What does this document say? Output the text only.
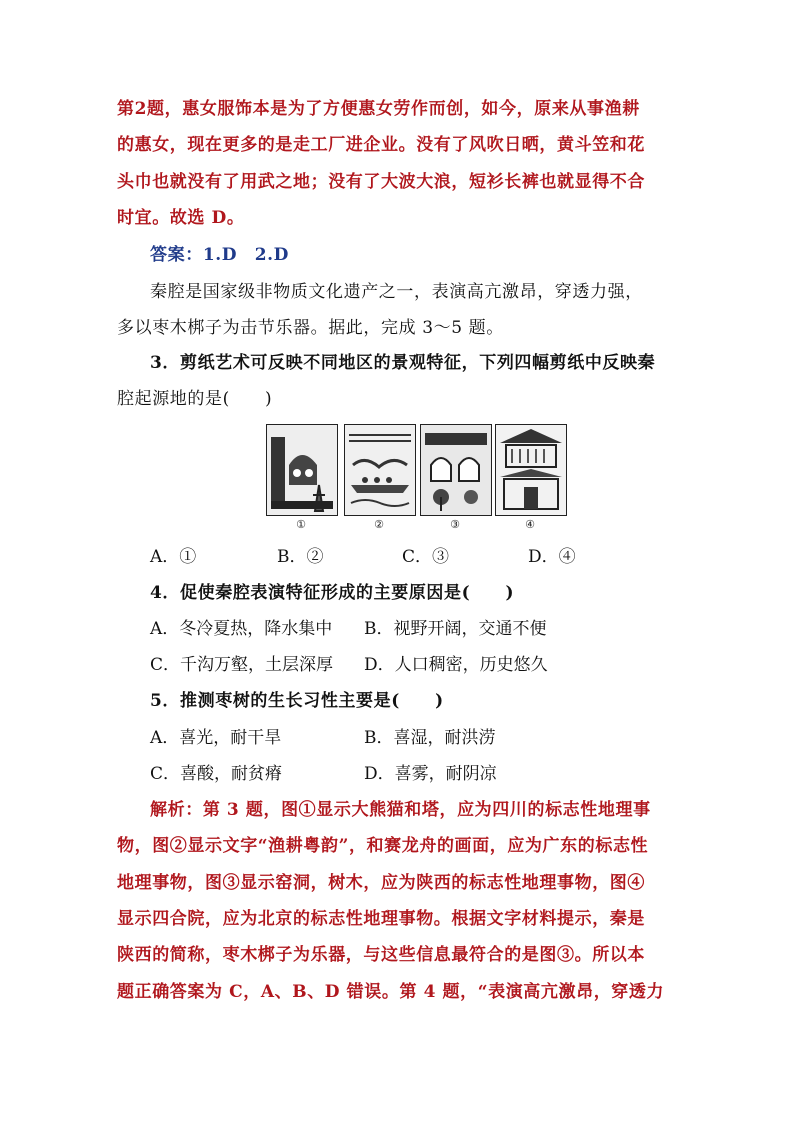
第2题，惠女服饰本是为了方便惠女劳作而创，如今，原来从事渔耕
的惠女，现在更多的是走工厂进企业。没有了风吹日晒，黄斗笠和花
头巾也就没有了用武之地；没有了大波大浪，短衫长裤也就显得不合
时宜。故选 D。
答案：1.D　2.D
秦腔是国家级非物质文化遗产之一，表演高亢激昂，穿透力强，
多以枣木梆子为击节乐器。据此，完成 3～5 题。
3．剪纸艺术可反映不同地区的景观特征，下列四幅剪纸中反映秦
腔起源地的是(　　)
①	②	③	④
A．①	B．②	C．③	D．④
4．促使秦腔表演特征形成的主要原因是(　　)
A．冬冷夏热，降水集中 B．视野开阔，交通不便
C．千沟万壑，土层深厚 D．人口稠密，历史悠久
5．推测枣树的生长习性主要是(　　)
A．喜光，耐干旱	B．喜湿，耐洪涝
C．喜酸，耐贫瘠	D．喜雾，耐阴凉
解析：第 3 题，图①显示大熊猫和塔，应为四川的标志性地理事
物，图②显示文字“渔耕粤韵”，和赛龙舟的画面，应为广东的标志性
地理事物，图③显示窑洞，树木，应为陕西的标志性地理事物，图④
显示四合院，应为北京的标志性地理事物。根据文字材料提示，秦是
陕西的简称，枣木梆子为乐器，与这些信息最符合的是图③。所以本
题正确答案为 C，A、B、D 错误。第 4 题，“表演高亢激昂，穿透力
